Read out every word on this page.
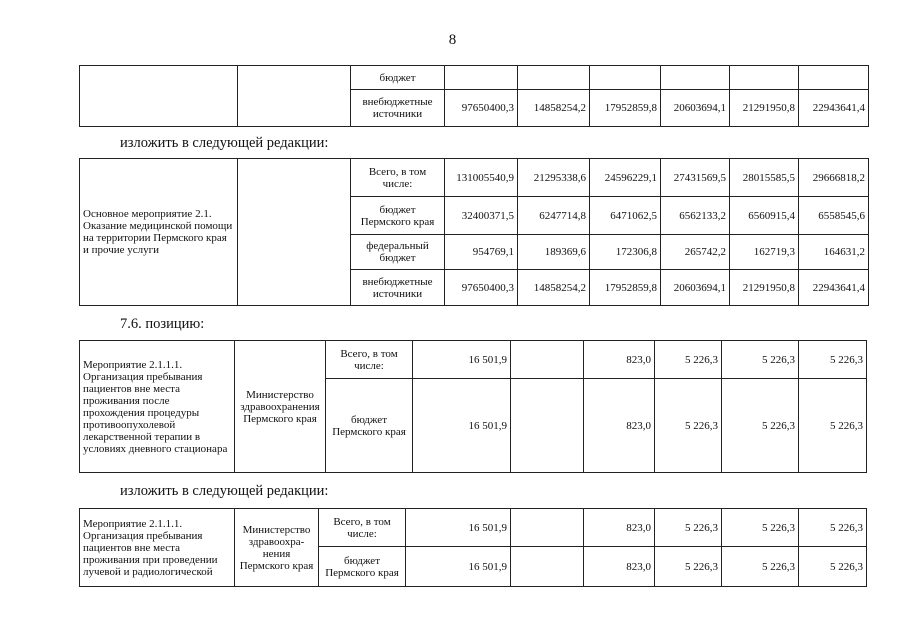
8
		бюджет						
		внебюджетные источники	97650400,3	14858254,2	17952859,8	20603694,1	21291950,8	22943641,4
изложить в следующей редакции:
Основное мероприятие 2.1. Оказание медицинской помощи на территории Пермского края и прочие услуги		Всего, в том числе:	131005540,9	21295338,6	24596229,1	27431569,5	28015585,5	29666818,2
		бюджет Пермского края	32400371,5	6247714,8	6471062,5	6562133,2	6560915,4	6558545,6
		федеральный бюджет	954769,1	189369,6	172306,8	265742,2	162719,3	164631,2
		внебюджетные источники	97650400,3	14858254,2	17952859,8	20603694,1	21291950,8	22943641,4
7.6. позицию:
Мероприятие 2.1.1.1. Организация пребывания пациентов вне места проживания после прохождения процедуры противоопухолевой лекарственной терапии в условиях дневного стационара	Министерство здравоохранения Пермского края	Всего, в том числе:	16 501,9		823,0	5 226,3	5 226,3	5 226,3
		бюджет Пермского края	16 501,9		823,0	5 226,3	5 226,3	5 226,3
изложить в следующей редакции:
Мероприятие 2.1.1.1. Организация пребывания пациентов вне места проживания при проведении лучевой и радиологической	Министерство здравоохра-нения Пермского края	Всего, в том числе:	16 501,9		823,0	5 226,3	5 226,3	5 226,3
		бюджет Пермского края	16 501,9		823,0	5 226,3	5 226,3	5 226,3
